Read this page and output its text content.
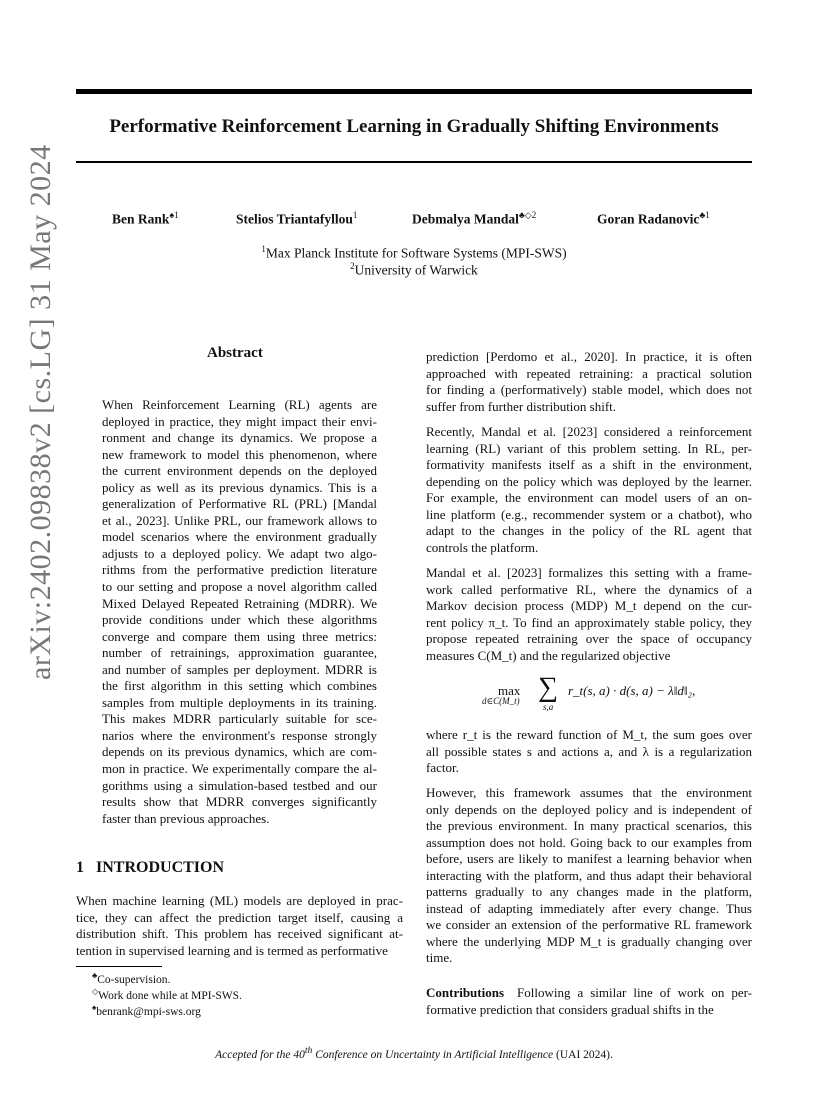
Performative Reinforcement Learning in Gradually Shifting Environments
Ben Rank$^{♠1}$	Stelios Triantafyllou$^1$	Debmalya Mandal$^{♣◇2}$	Goran Radanovic$^{♣1}$
$^1$Max Planck Institute for Software Systems (MPI-SWS)
$^2$University of Warwick
arXiv:2402.09838v2 [cs.LG] 31 May 2024	Abstract
When Reinforcement Learning (RL) agents are
deployed in practice, they might impact their envi-
ronment and change its dynamics. We propose a
new framework to model this phenomenon, where
the current environment depends on the deployed
policy as well as its previous dynamics. This is a
generalization of Performative RL (PRL) [Mandal
et al., 2023]. Unlike PRL, our framework allows to
model scenarios where the environment gradually
adjusts to a deployed policy. We adapt two algo-
rithms from the performative prediction literature
to our setting and propose a novel algorithm called
Mixed Delayed Repeated Retraining (MDRR). We
provide conditions under which these algorithms
converge and compare them using three metrics:
number of retrainings, approximation guarantee,
and number of samples per deployment. MDRR is
the first algorithm in this setting which combines
samples from multiple deployments in its training.
This makes MDRR particularly suitable for sce-
narios where the environment's response strongly
depends on its previous dynamics, which are com-
mon in practice. We experimentally compare the al-
gorithms using a simulation-based testbed and our
results show that MDRR converges significantly
faster than previous approaches.
1 INTRODUCTION
When machine learning (ML) models are deployed in prac-
tice, they can affect the prediction target itself, causing a
distribution shift. This problem has received significant at-
tention in supervised learning and is termed as performative
♣Co-supervision.
◇Work done while at MPI-SWS.
♠benrank@mpi-sws.org
prediction [Perdomo et al., 2020]. In practice, it is often
approached with repeated retraining: a practical solution
for finding a (performatively) stable model, which does not
suffer from further distribution shift.
Recently, Mandal et al. [2023] considered a reinforcement
learning (RL) variant of this problem setting. In RL, per-
formativity manifests itself as a shift in the environment,
depending on the policy which was deployed by the learner.
For example, the environment can model users of an on-
line platform (e.g., recommender system or a chatbot), who
adapt to the changes in the policy of the RL agent that
controls the platform.
Mandal et al. [2023] formalizes this setting with a frame-
work called performative RL, where the dynamics of a
Markov decision process (MDP) M_t depend on the cur-
rent policy π_t. To find an approximately stable policy, they
propose repeated retraining over the space of occupancy
measures C(M_t) and the regularized objective
max
d∈C(M_t) ∑
s,a
r_t(s, a) · d(s, a) − λ‖d‖₂,
where r_t is the reward function of M_t, the sum goes over
all possible states s and actions a, and λ is a regularization
factor.
However, this framework assumes that the environment
only depends on the deployed policy and is independent of
the previous environment. In many practical scenarios, this
assumption does not hold. Going back to our examples from
before, users are likely to manifest a learning behavior when
interacting with the platform, and thus adapt their behavioral
patterns gradually to any changes made in the platform,
instead of adapting immediately after every change. Thus
we consider an extension of the performative RL framework
where the underlying MDP M_t is gradually changing over
time.
Contributions Following a similar line of work on per-
formative prediction that considers gradual shifts in the
Accepted for the 40th Conference on Uncertainty in Artificial Intelligence (UAI 2024).
